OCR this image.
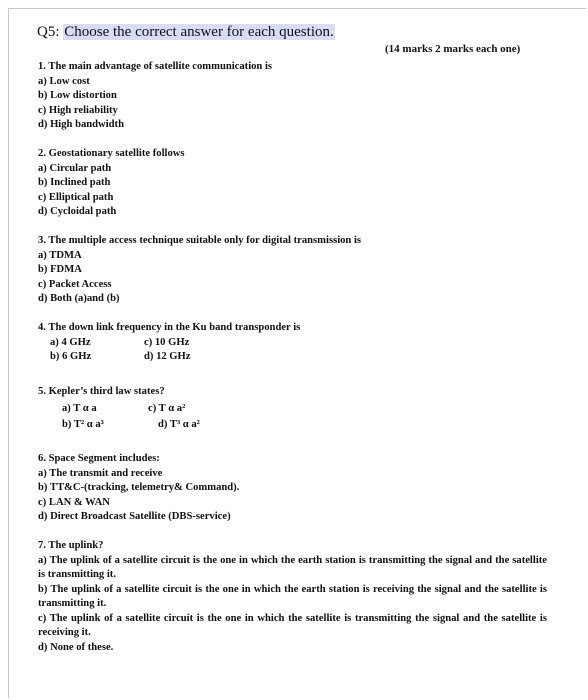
Q5: Choose the correct answer for each question.
(14 marks 2 marks each one)
1. The main advantage of satellite communication is
a) Low cost
b) Low distortion
c) High reliability
d) High bandwidth
2. Geostationary satellite follows
a) Circular path
b) Inclined path
c) Elliptical path
d) Cycloidal path
3. The multiple access technique suitable only for digital transmission is
a) TDMA
b) FDMA
c) Packet Access
d) Both (a)and (b)
4. The down link frequency in the Ku band transponder is
a) 4 GHz	c) 10 GHz
b) 6 GHz	d) 12 GHz
5. Kepler’s third law states?
a) T α a	c) T α a²
b) T² α a³	d) T³ α a²
6. Space Segment includes:
a) The transmit and receive
b) TT&C-(tracking, telemetry& Command).
c) LAN & WAN
d) Direct Broadcast Satellite (DBS-service)
7. The uplink?
a) The uplink of a satellite circuit is the one in which the earth station is transmitting the signal and the satellite is transmitting it.
b) The uplink of a satellite circuit is the one in which the earth station is receiving the signal and the satellite is transmitting it.
c) The uplink of a satellite circuit is the one in which the satellite is transmitting the signal and the satellite is receiving it.
d) None of these.
